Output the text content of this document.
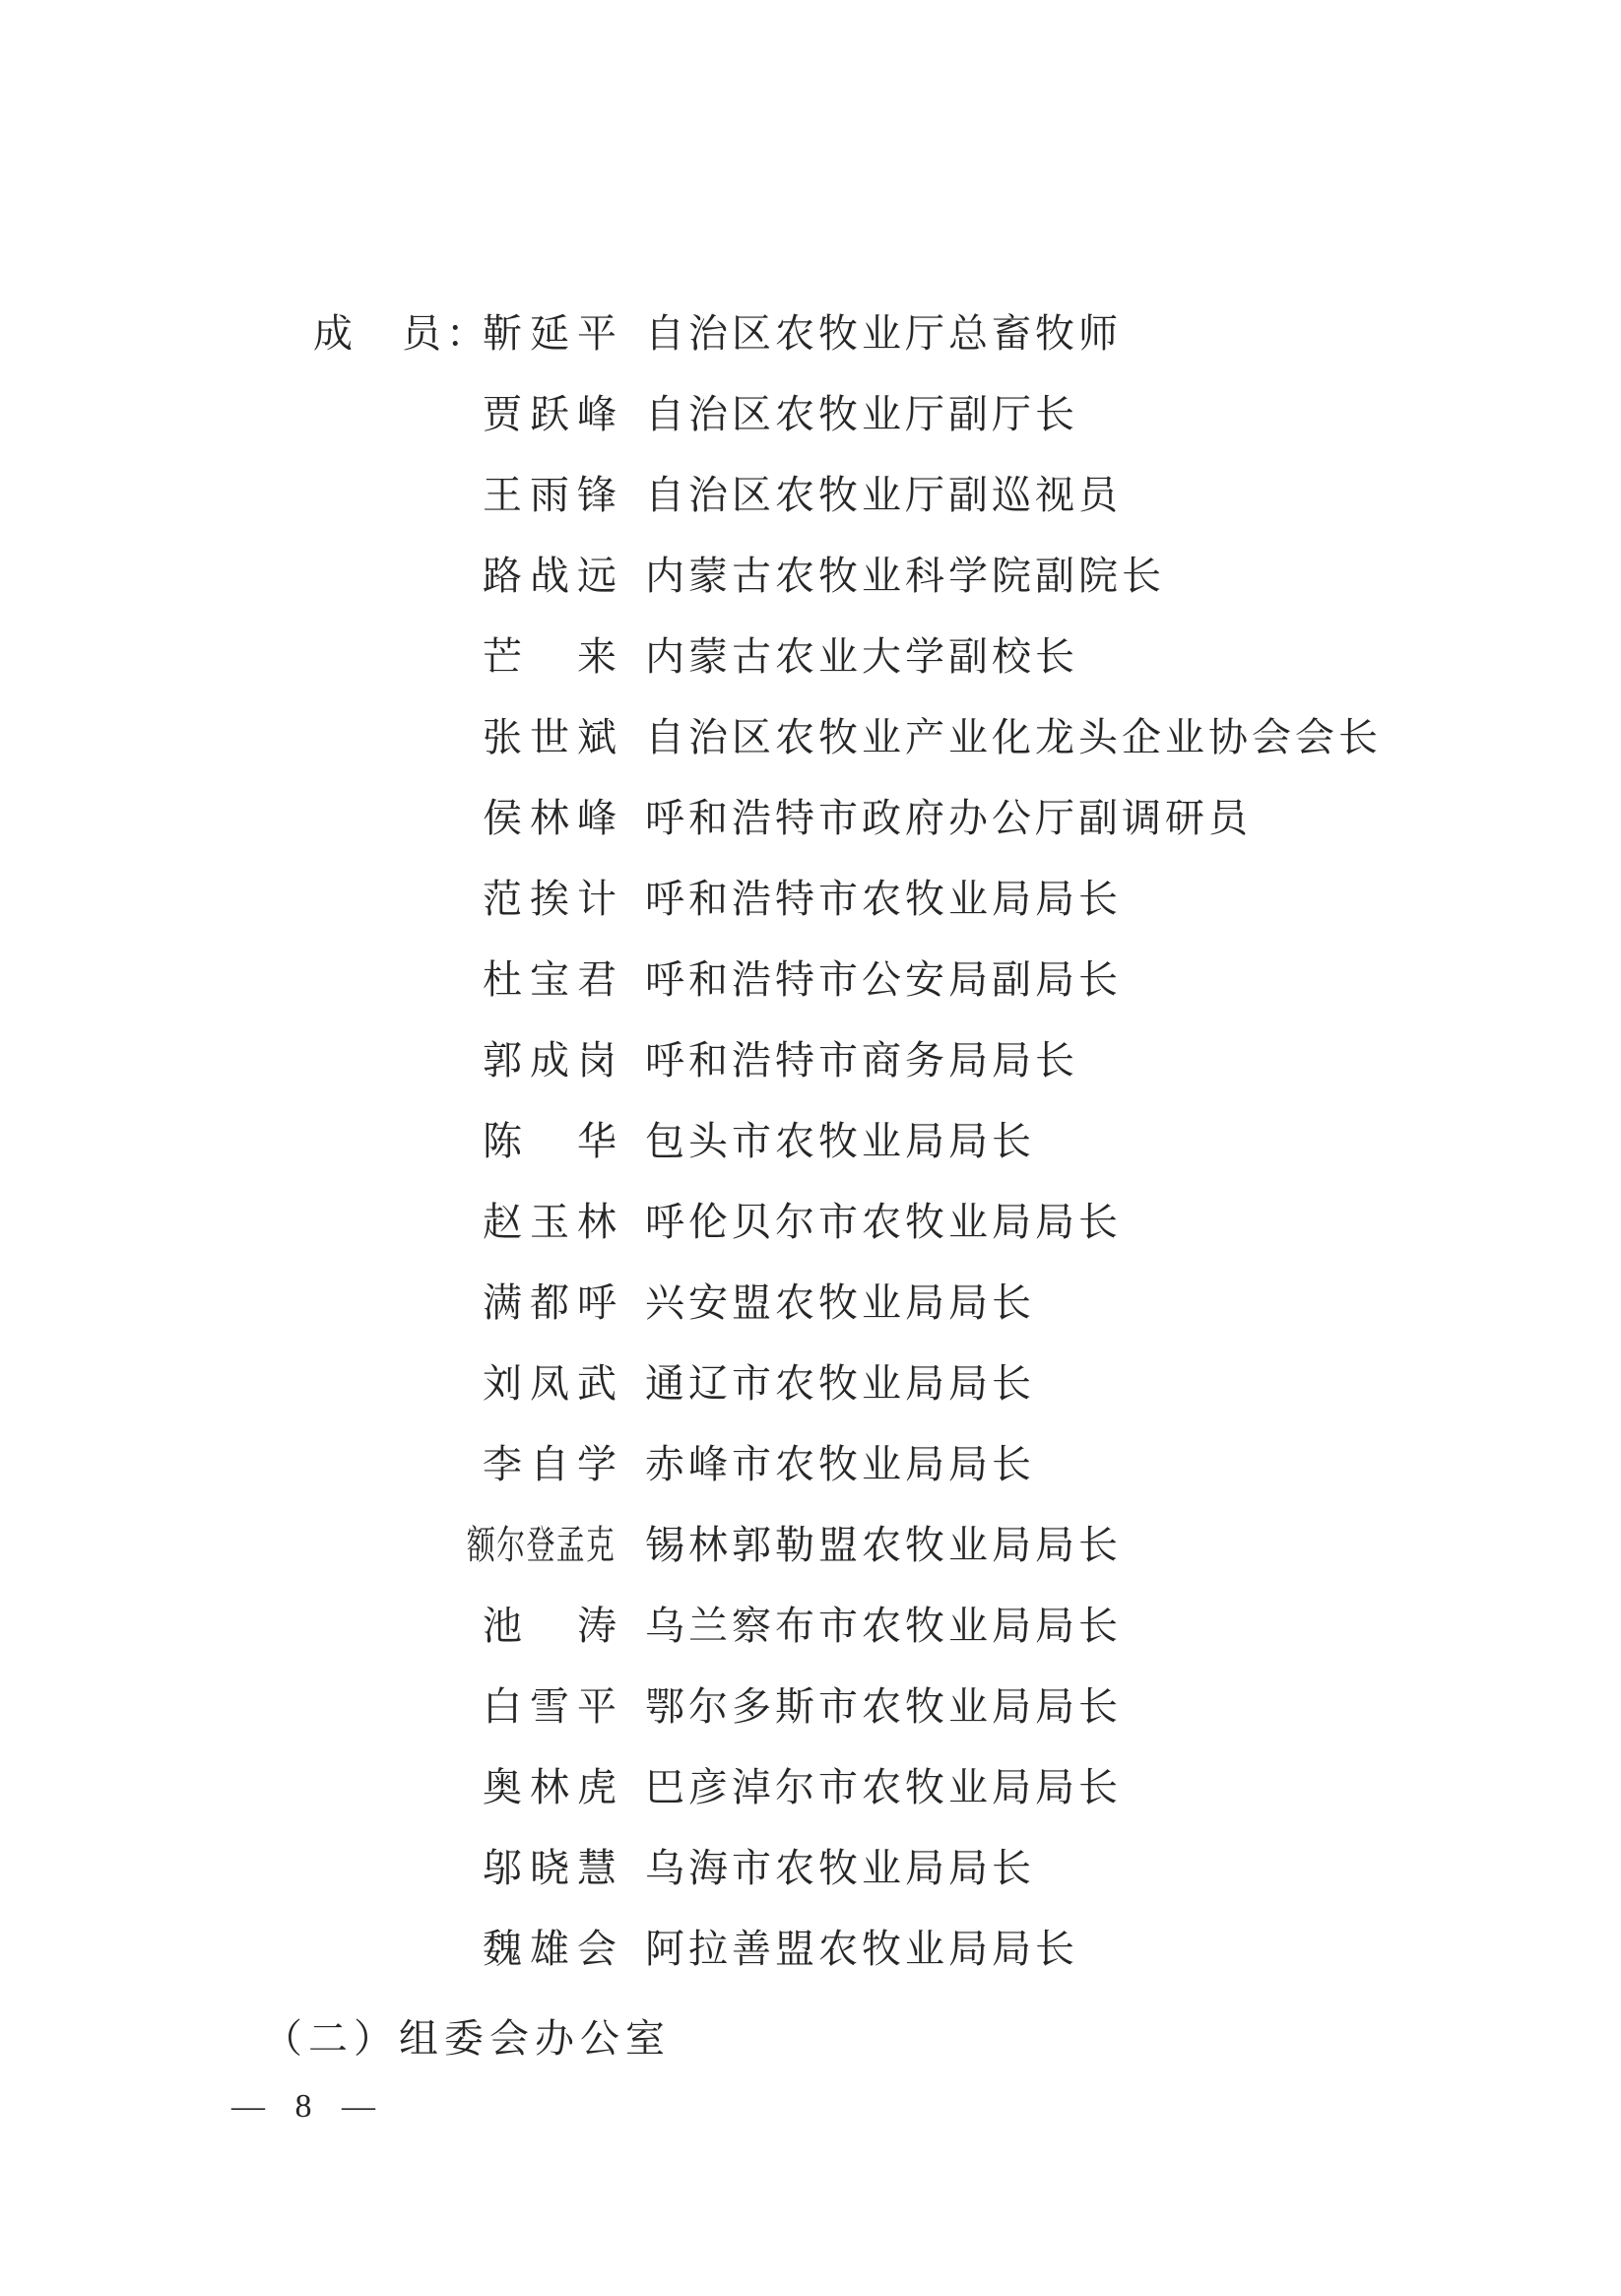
成　员：
靳延平 自治区农牧业厅总畜牧师
贾跃峰 自治区农牧业厅副厅长
王雨锋 自治区农牧业厅副巡视员
路战远 内蒙古农牧业科学院副院长
芒　来 内蒙古农业大学副校长
张世斌 自治区农牧业产业化龙头企业协会会长
侯林峰 呼和浩特市政府办公厅副调研员
范挨计 呼和浩特市农牧业局局长
杜宝君 呼和浩特市公安局副局长
郭成岗 呼和浩特市商务局局长
陈　华 包头市农牧业局局长
赵玉林 呼伦贝尔市农牧业局局长
满都呼 兴安盟农牧业局局长
刘凤武 通辽市农牧业局局长
李自学 赤峰市农牧业局局长
额尔登孟克 锡林郭勒盟农牧业局局长
池　涛 乌兰察布市农牧业局局长
白雪平 鄂尔多斯市农牧业局局长
奥林虎 巴彦淖尔市农牧业局局长
邬晓慧 乌海市农牧业局局长
魏雄会 阿拉善盟农牧业局局长
（二）组委会办公室
— 8 —
